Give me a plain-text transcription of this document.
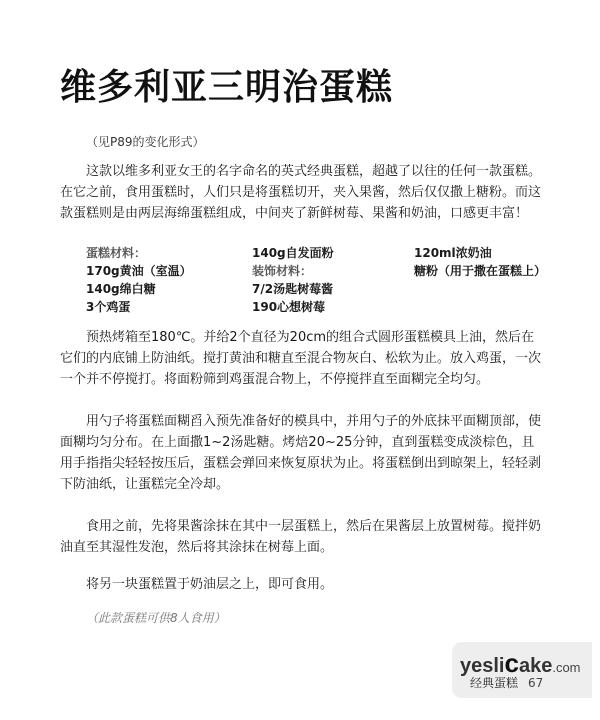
维多利亚三明治蛋糕
（见P89的变化形式）
这款以维多利亚女王的名字命名的英式经典蛋糕，超越了以往的任何一款蛋糕。在它之前，食用蛋糕时，人们只是将蛋糕切开，夹入果酱，然后仅仅撒上糖粉。而这款蛋糕则是由两层海绵蛋糕组成，中间夹了新鲜树莓、果酱和奶油，口感更丰富！
蛋糕材料：
170g黄油（室温）
140g绵白糖
3个鸡蛋
140g自发面粉
装饰材料：
7/2汤匙树莓酱
190心想树莓
120ml浓奶油
糖粉（用于撒在蛋糕上）
预热烤箱至180℃。并给2个直径为20cm的组合式圆形蛋糕模具上油，然后在它们的内底铺上防油纸。搅打黄油和糖直至混合物灰白、松软为止。放入鸡蛋，一次一个并不停搅打。将面粉筛到鸡蛋混合物上，不停搅拌直至面糊完全均匀。
用勺子将蛋糕面糊舀入预先准备好的模具中，并用勺子的外底抹平面糊顶部，使面糊均匀分布。在上面撒1~2汤匙糖。烤焙20~25分钟，直到蛋糕变成淡棕色，且用手指指尖轻轻按压后，蛋糕会弹回来恢复原状为止。将蛋糕倒出到晾架上，轻轻剥下防油纸，让蛋糕完全冷却。
食用之前，先将果酱涂抹在其中一层蛋糕上，然后在果酱层上放置树莓。搅拌奶油直至其湿性发泡，然后将其涂抹在树莓上面。
将另一块蛋糕置于奶油层之上，即可食用。
（此款蛋糕可供8人食用）
yeslicake.com
经典蛋糕 67
